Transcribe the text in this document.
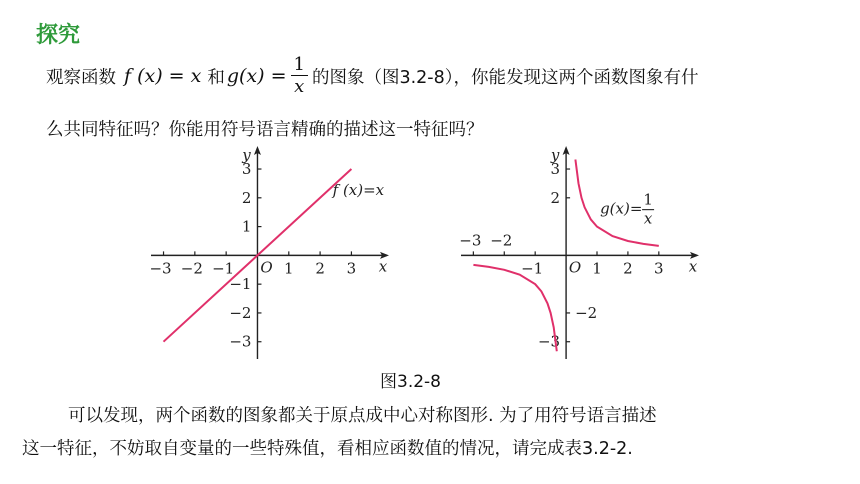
探究
观察函数 f (x) = x 和 $g(x) = \frac{1}{x}$ 的图象（图3.2-8），你能发现这两个函数图象有什
么共同特征吗？你能用符号语言精确的描述这一特征吗？
x
y
O
−3 −2 −1	1 2 3
3
2
1
−1
−2
−3
f (x)=x
x
y
O
−3 −2
−1	1 2 3
3
2
−2
−3
g(x)= 1
x
图3.2-8
可以发现，两个函数的图象都关于原点成中心对称图形. 为了用符号语言描述
这一特征，不妨取自变量的一些特殊值，看相应函数值的情况，请完成表3.2-2.
